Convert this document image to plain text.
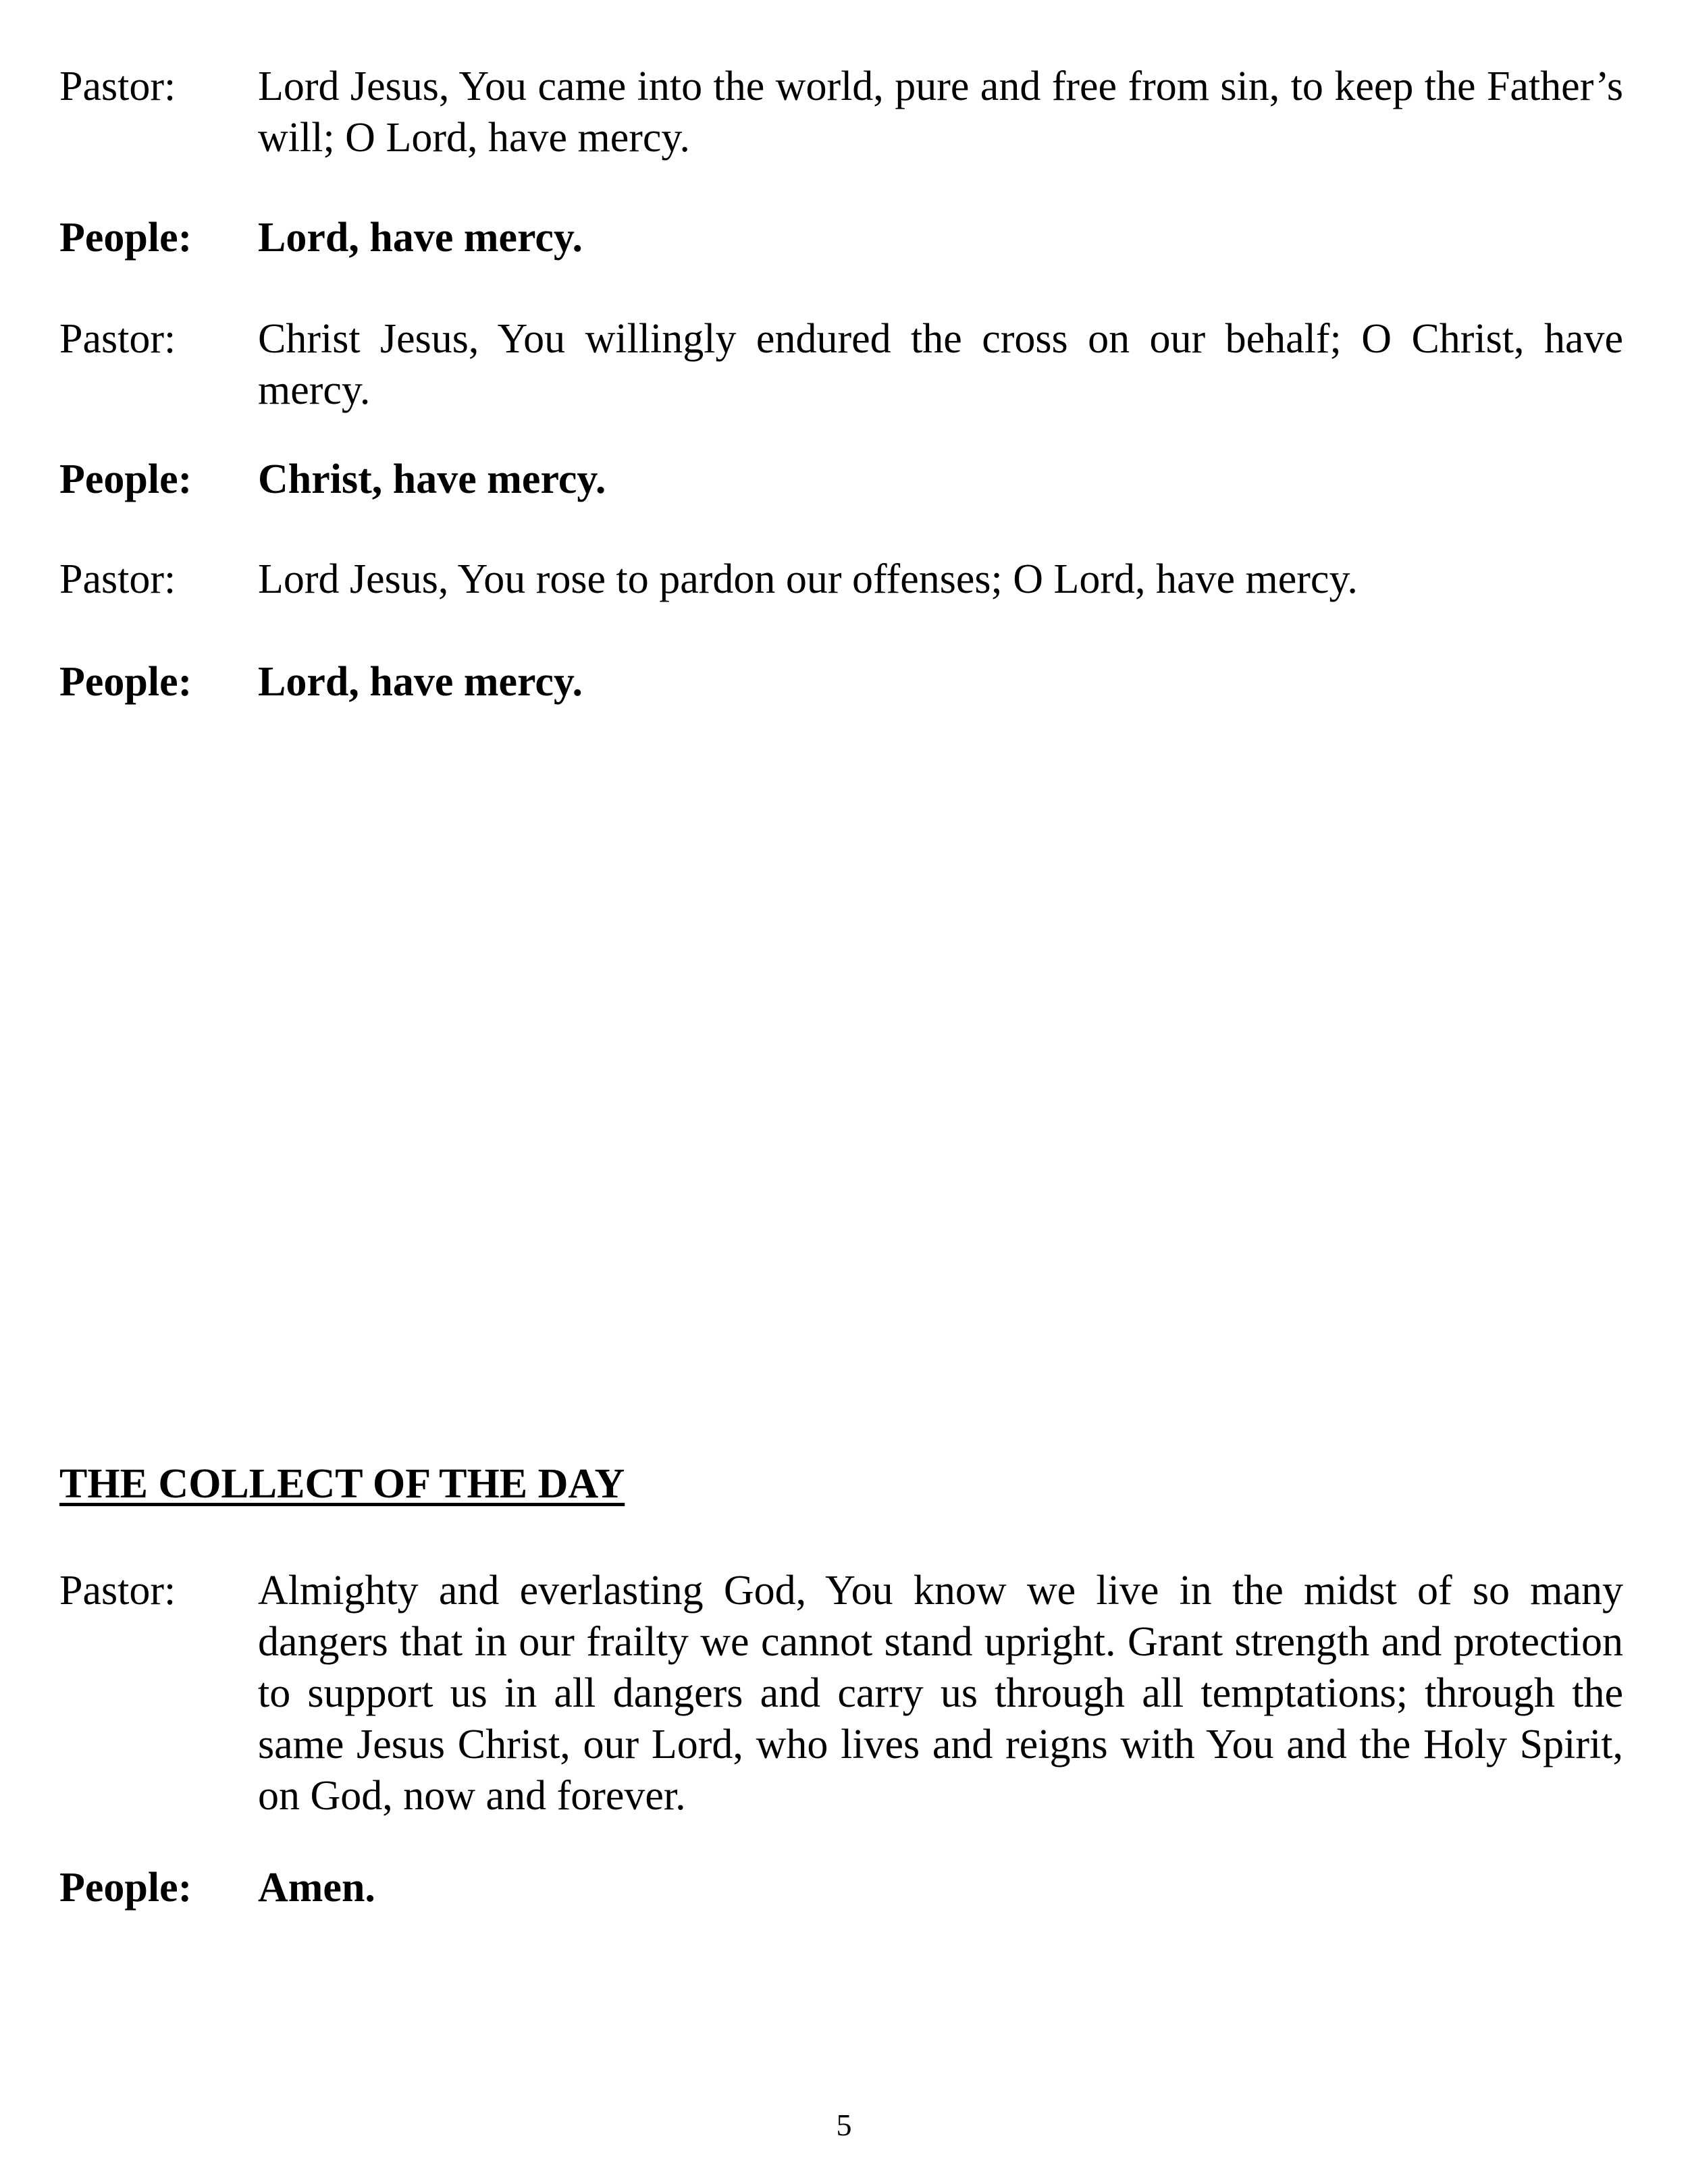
Pastor: Lord Jesus, You came into the world, pure and free from sin, to keep the Father’s will; O Lord, have mercy.
People: Lord, have mercy.
Pastor: Christ Jesus, You willingly endured the cross on our behalf; O Christ, have mercy.
People: Christ, have mercy.
Pastor: Lord Jesus, You rose to pardon our offenses; O Lord, have mercy.
People: Lord, have mercy.
THE COLLECT OF THE DAY
Pastor: Almighty and everlasting God, You know we live in the midst of so many dangers that in our frailty we cannot stand upright. Grant strength and protection to support us in all dangers and carry us through all temptations; through the same Jesus Christ, our Lord, who lives and reigns with You and the Holy Spirit, on God, now and forever.
People: Amen.
5
